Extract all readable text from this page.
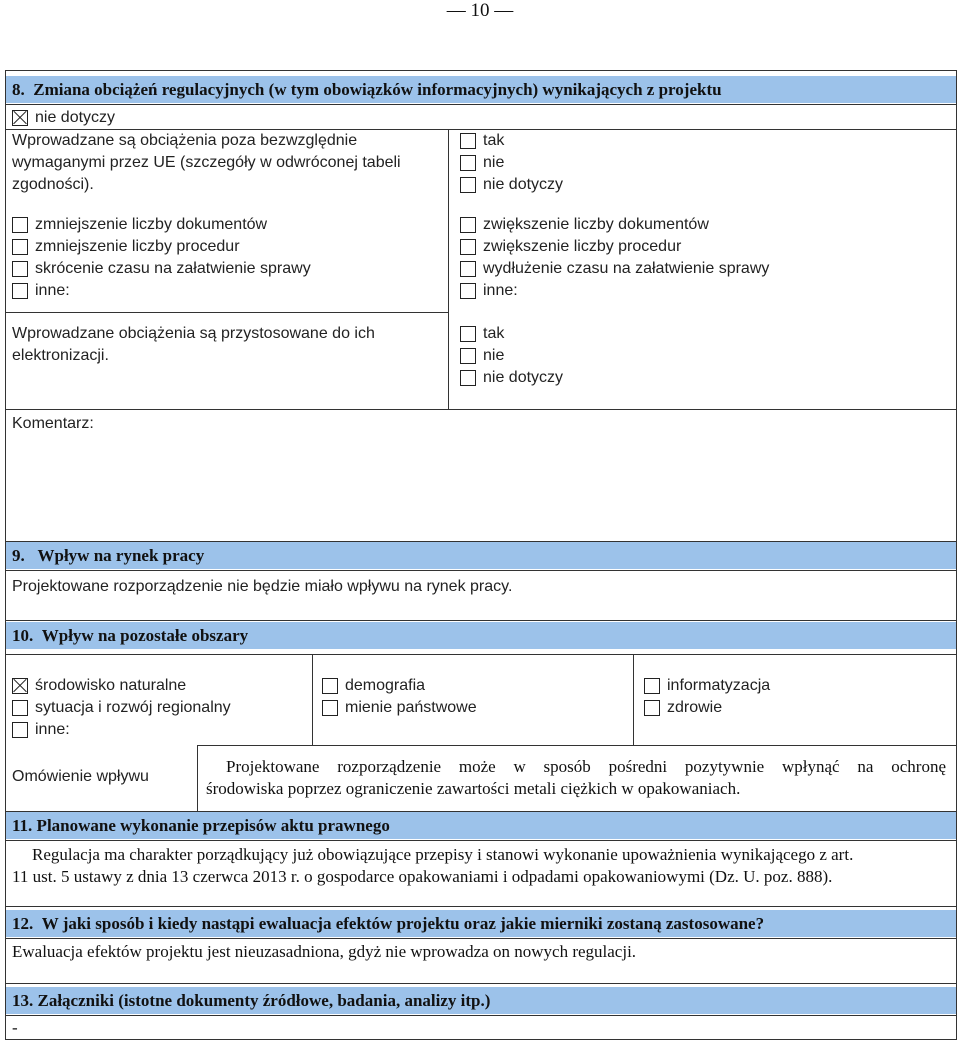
— 10 —
8.  Zmiana obciążeń regulacyjnych (w tym obowiązków informacyjnych) wynikających z projektu
nie dotyczy
Wprowadzane są obciążenia poza bezwzględnie
wymaganymi przez UE (szczegóły w odwróconej tabeli
zgodności).
tak
nie
nie dotyczy
zmniejszenie liczby dokumentów
zmniejszenie liczby procedur
skrócenie czasu na załatwienie sprawy
inne:
zwiększenie liczby dokumentów
zwiększenie liczby procedur
wydłużenie czasu na załatwienie sprawy
inne:
Wprowadzane obciążenia są przystosowane do ich
elektronizacji.
tak
nie
nie dotyczy
Komentarz:
9.   Wpływ na rynek pracy
Projektowane rozporządzenie nie będzie miało wpływu na rynek pracy.
10.  Wpływ na pozostałe obszary
środowisko naturalne
sytuacja i rozwój regionalny
inne:
demografia
mienie państwowe
informatyzacja
zdrowie
Omówienie wpływu
Projektowane rozporządzenie może w sposób pośredni pozytywnie wpłynąć na ochronę
środowiska poprzez ograniczenie zawartości metali ciężkich w opakowaniach.
11. Planowane wykonanie przepisów aktu prawnego
Regulacja ma charakter porządkujący już obowiązujące przepisy i stanowi wykonanie upoważnienia wynikającego z art.
11 ust. 5 ustawy z dnia 13 czerwca 2013 r. o gospodarce opakowaniami i odpadami opakowaniowymi (Dz. U. poz. 888).
12.  W jaki sposób i kiedy nastąpi ewaluacja efektów projektu oraz jakie mierniki zostaną zastosowane?
Ewaluacja efektów projektu jest nieuzasadniona, gdyż nie wprowadza on nowych regulacji.
13. Załączniki (istotne dokumenty źródłowe, badania, analizy itp.)
-
